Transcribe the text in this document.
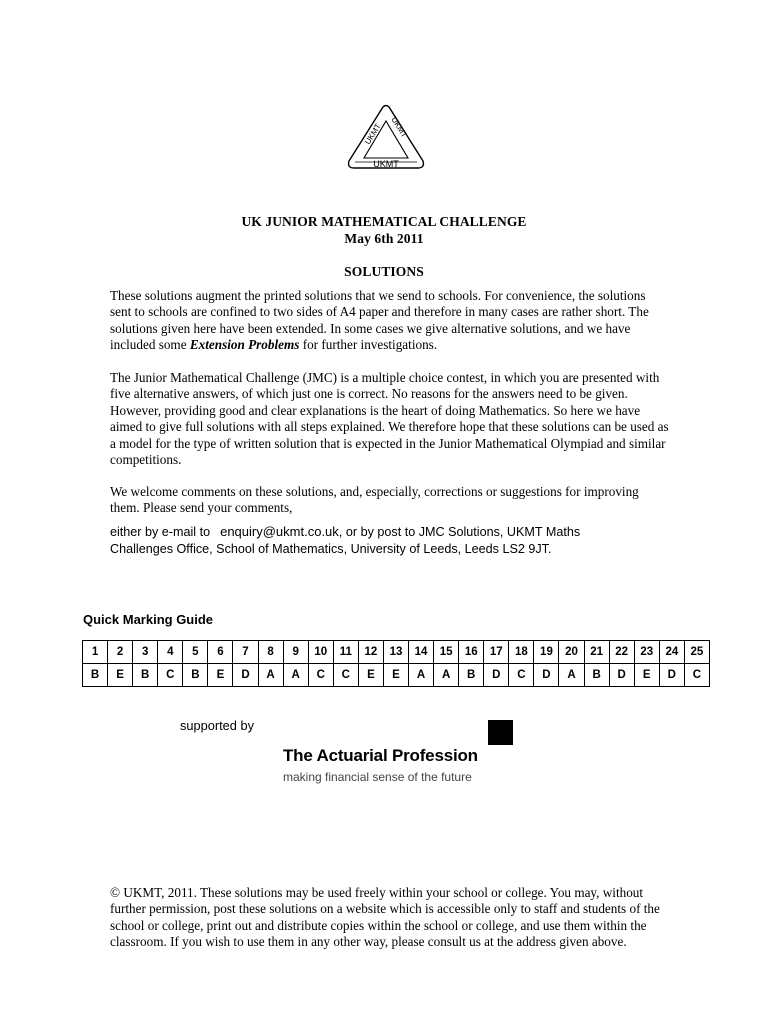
UKMT UKMT
UKMT
UK JUNIOR MATHEMATICAL CHALLENGE
May 6th 2011
SOLUTIONS

These solutions augment the printed solutions that we send to schools. For convenience, the solutions sent to schools are confined to two sides of A4 paper and therefore in many cases are rather short. The solutions given here have been extended. In some cases we give alternative solutions, and we have included some Extension Problems for further investigations.

The Junior Mathematical Challenge (JMC) is a multiple choice contest, in which you are presented with five alternative answers, of which just one is correct. No reasons for the answers need to be given. However, providing good and clear explanations is the heart of doing Mathematics. So here we have aimed to give full solutions with all steps explained. We therefore hope that these solutions can be used as a model for the type of written solution that is expected in the Junior Mathematical Olympiad and similar competitions.

We welcome comments on these solutions, and, especially, corrections or suggestions for improving them. Please send your comments,

either by e-mail to enquiry@ukmt.co.uk, or by post to JMC Solutions, UKMT Maths
Challenges Office, School of Mathematics, University of Leeds, Leeds LS2 9JT.
Quick Marking Guide
1	2	3	4	5	6	7	8	9	10	11	12	13	14	15	16	17	18	19	20	21	22	23	24	25
B	E	B	C	B	E	D	A	A	C	C	E	E	A	A	B	D	C	D	A	B	D	E	D	C
supported by
The Actuarial Profession
making financial sense of the future
© UKMT, 2011. These solutions may be used freely within your school or college. You may, without further permission, post these solutions on a website which is accessible only to staff and students of the school or college, print out and distribute copies within the school or college, and use them within the classroom. If you wish to use them in any other way, please consult us at the address given above.
